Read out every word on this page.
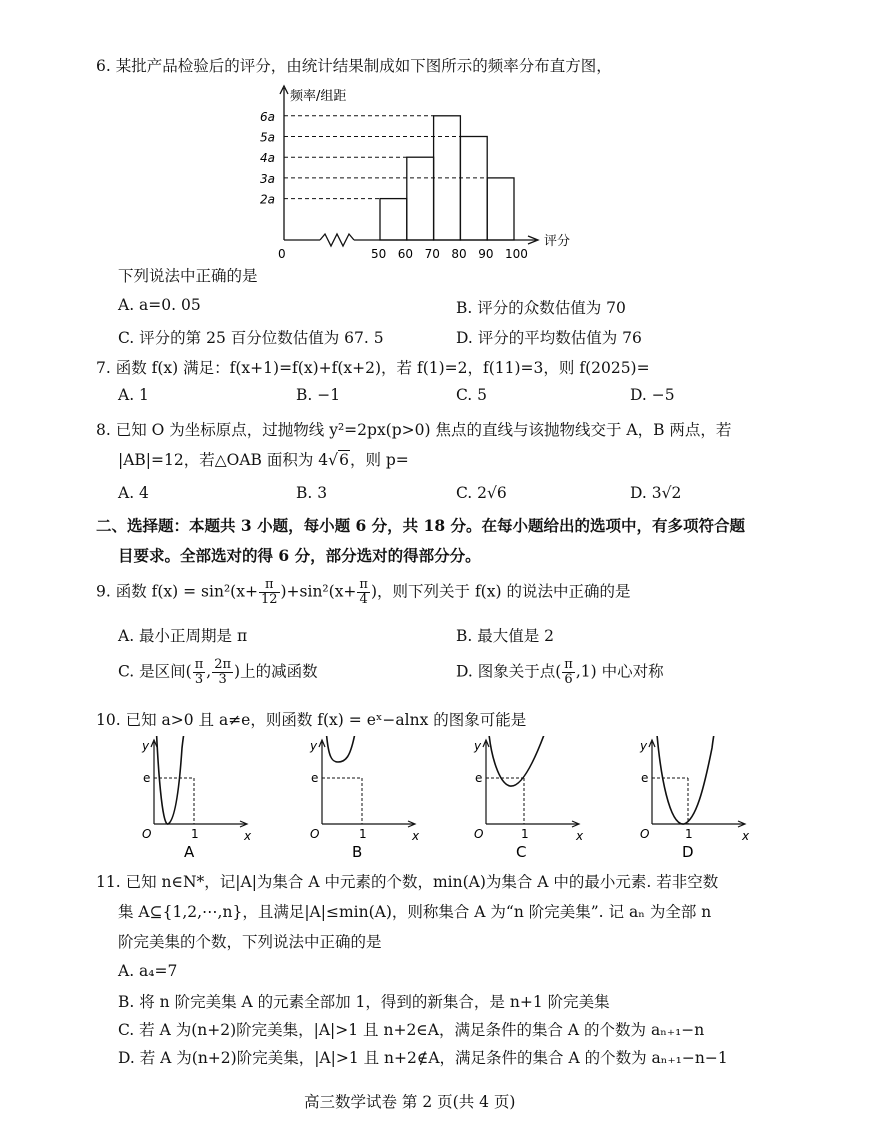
6. 某批产品检验后的评分，由统计结果制成如下图所示的频率分布直方图，
频率/组距
评分
0
2a
3a
4a
5a
6a
50 60 70 80 90 100
下列说法中正确的是
A. a=0. 05	B. 评分的众数估值为 70
C. 评分的第 25 百分位数估值为 67. 5	D. 评分的平均数估值为 76
7. 函数 f(x) 满足：f(x+1)=f(x)+f(x+2)，若 f(1)=2，f(11)=3，则 f(2025)=
A. 1	B. −1	C. 5	D. −5
8. 已知 O 为坐标原点，过抛物线 y²=2px(p>0) 焦点的直线与该抛物线交于 A，B 两点，若
|AB|=12，若△OAB 面积为 4√6，则 p=
A. 4	B. 3	C. 2√6	D. 3√2
二、选择题：本题共 3 小题，每小题 6 分，共 18 分。在每小题给出的选项中，有多项符合题
目要求。全部选对的得 6 分，部分选对的得部分分。
9. 函数 $f(x) = \sin^2(x+ \frac{\pi}{12} )+\sin^2(x+ \frac{\pi}{4}$ )，则下列关于 f(x) 的说法中正确的是
A. 最小正周期是 π	B. 最大值是 2
C. 是区间( $\frac{\pi}{3}$ , $\frac{2\pi}{3}$ )上的减函数	D. 图象关于点( $\frac{\pi}{6} ,1$) 中心对称
10. 已知 a>0 且 a≠e，则函数 f(x) = eˣ−alnx 的图象可能是
y
x
O
e
1
A
y
x
O
e
1
B
y
x
O
e
1
C
y
x
O
e
1
D
11. 已知 n∈N*，记|A|为集合 A 中元素的个数，min(A)为集合 A 中的最小元素. 若非空数
集 A⊆{1,2,⋯,n}，且满足|A|≤min(A)，则称集合 A 为“n 阶完美集”. 记 aₙ 为全部 n
阶完美集的个数，下列说法中正确的是
A. a₄=7
B. 将 n 阶完美集 A 的元素全部加 1，得到的新集合，是 n+1 阶完美集
C. 若 A 为(n+2)阶完美集，|A|>1 且 n+2∈A，满足条件的集合 A 的个数为 aₙ₊₁−n
D. 若 A 为(n+2)阶完美集，|A|>1 且 n+2∉A，满足条件的集合 A 的个数为 aₙ₊₁−n−1
高三数学试卷 第 2 页(共 4 页)
